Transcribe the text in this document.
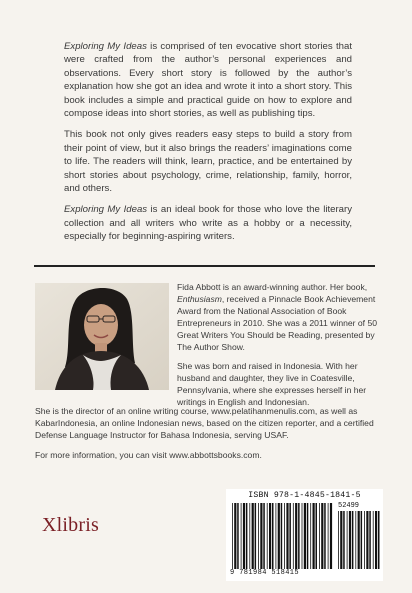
Exploring My Ideas is comprised of ten evocative short stories that were crafted from the author’s personal experiences and observations. Every short story is followed by the author’s explanation how she got an idea and wrote it into a short story. This book includes a simple and practical guide on how to explore and compose ideas into short stories, as well as publishing tips.

This book not only gives readers easy steps to build a story from their point of view, but it also brings the readers’ imaginations come to life. The readers will think, learn, practice, and be entertained by short stories about psychology, crime, relationship, family, horror, and others.

Exploring My Ideas is an ideal book for those who love the literary collection and all writers who write as a hobby or a necessity, especially for beginning-aspiring writers.

Fida Abbott is an award-winning author. Her book, Enthusiasm, received a Pinnacle Book Achievement Award from the National Association of Book Entrepreneurs in 2010. She was a 2011 winner of 50 Great Writers You Should be Reading, presented by The Author Show.

She was born and raised in Indonesia. With her husband and daughter, they live in Coatesville, Pennsylvania, where she expresses herself in her writings in English and Indonesian.

She is the director of an online writing course, www.pelatihanmenulis.com, as well as KabarIndonesia, an online Indonesian news, based on the citizen reporter, and a certified Defense Language Instructor for Bahasa Indonesia, serving USAF.

For more information, you can visit www.abbottsbooks.com.

Xlibris
ISBN 978-1-4845-1841-5
52499
9 781984 518415
